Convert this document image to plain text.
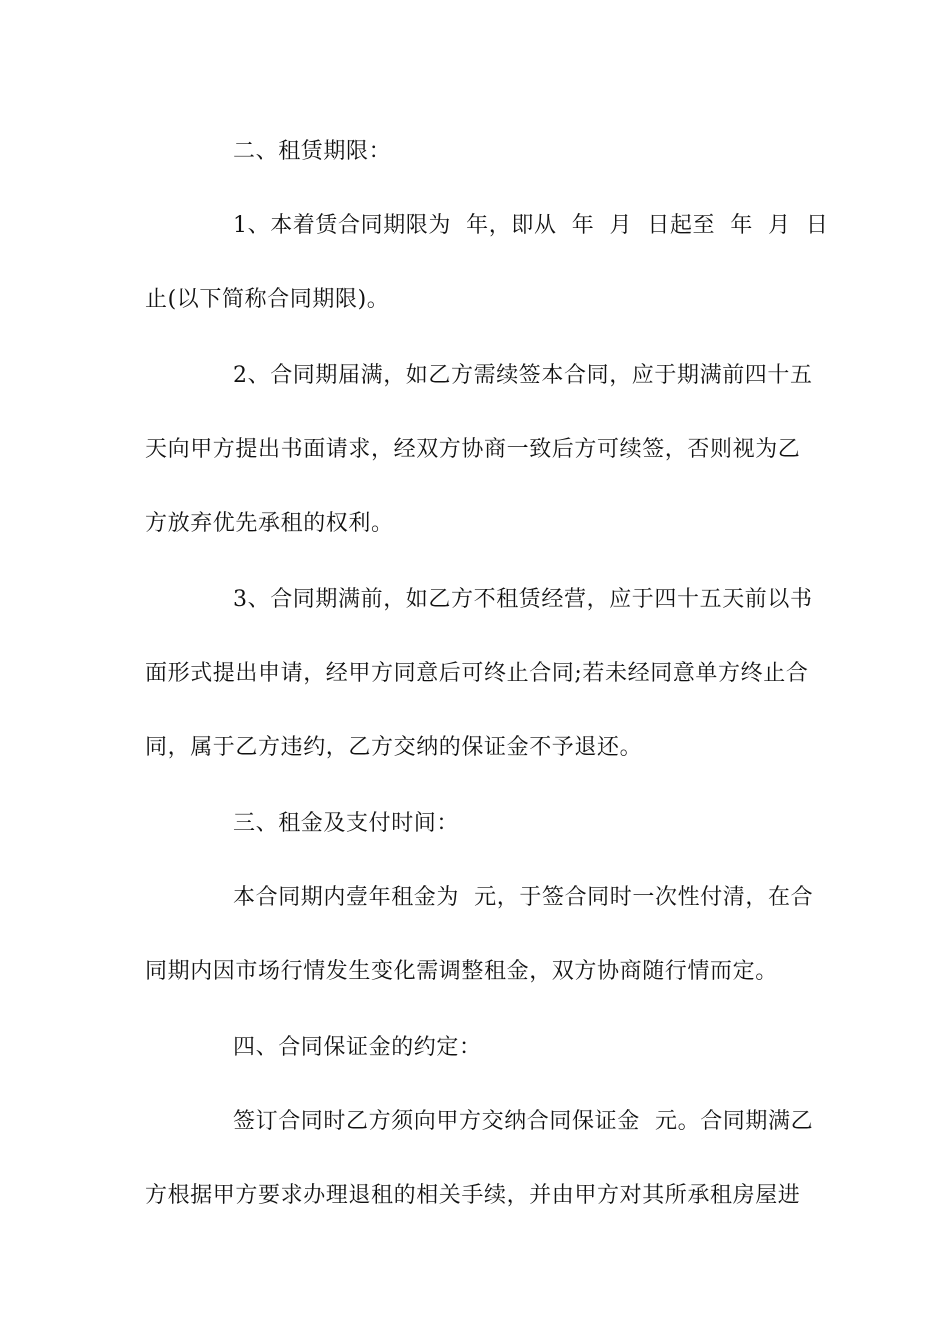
二、租赁期限：
1、本着赁合同期限为  年，即从  年  月  日起至  年  月  日
止(以下简称合同期限)。
2、合同期届满，如乙方需续签本合同，应于期满前四十五
天向甲方提出书面请求，经双方协商一致后方可续签，否则视为乙
方放弃优先承租的权利。
3、合同期满前，如乙方不租赁经营，应于四十五天前以书
面形式提出申请，经甲方同意后可终止合同;若未经同意单方终止合
同，属于乙方违约，乙方交纳的保证金不予退还。
三、租金及支付时间：
本合同期内壹年租金为  元，于签合同时一次性付清，在合
同期内因市场行情发生变化需调整租金，双方协商随行情而定。
四、合同保证金的约定：
签订合同时乙方须向甲方交纳合同保证金  元。合同期满乙
方根据甲方要求办理退租的相关手续，并由甲方对其所承租房屋进
